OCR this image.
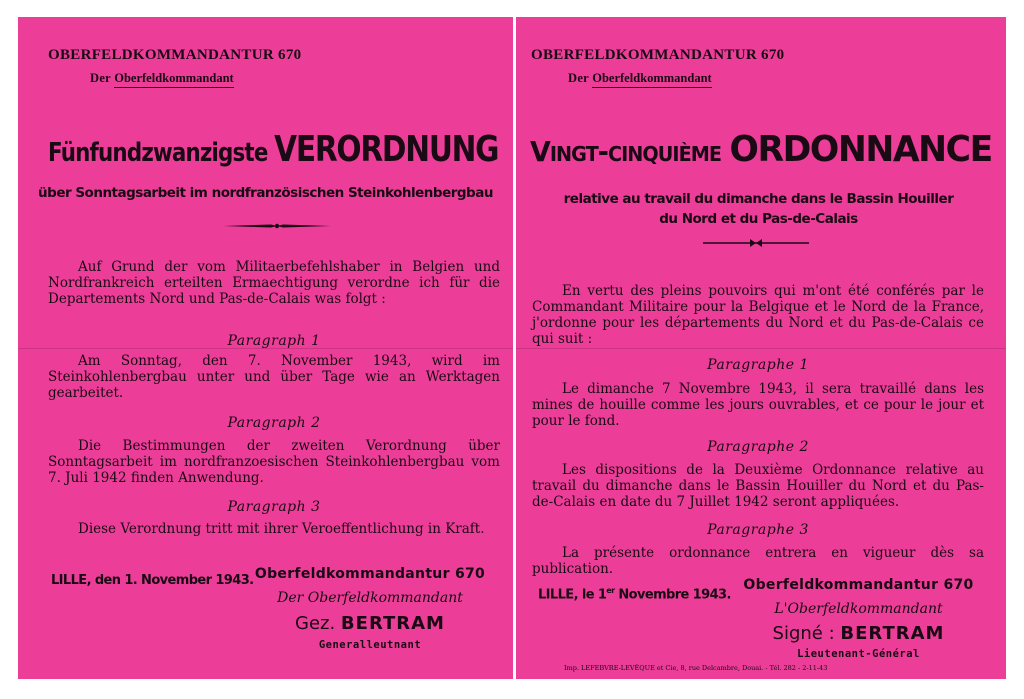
OBERFELDKOMMANDANTUR 670
Der Oberfeldkommandant
Fünfundzwanzigste VERORDNUNG
über Sonntagsarbeit im nordfranzösischen Steinkohlenbergbau
Auf Grund der vom Militaerbefehlshaber in Belgien und Nordfrankreich erteilten Ermaechtigung verordne ich für die Departements Nord und Pas-de-Calais was folgt :
Paragraph 1
Am Sonntag, den 7. November 1943, wird im Steinkohlenbergbau unter und über Tage wie an Werktagen gearbeitet.
Paragraph 2
Die Bestimmungen der zweiten Verordnung über Sonntagsarbeit im nordfranzoesischen Steinkohlenbergbau vom 7. Juli 1942 finden Anwendung.
Paragraph 3
Diese Verordnung tritt mit ihrer Veroeffentlichung in Kraft.
LILLE, den 1. November 1943. Oberfeldkommandantur 670
Der Oberfeldkommandant
Gez. BERTRAM
Generalleutnant
OBERFELDKOMMANDANTUR 670
Der Oberfeldkommandant
Vingt-cinquième ORDONNANCE
relative au travail du dimanche dans le Bassin Houiller
du Nord et du Pas-de-Calais
En vertu des pleins pouvoirs qui m'ont été conférés par le Commandant Militaire pour la Belgique et le Nord de la France, j'ordonne pour les départements du Nord et du Pas-de-Calais ce qui suit :
Paragraphe 1
Le dimanche 7 Novembre 1943, il sera travaillé dans les mines de houille comme les jours ouvrables, et ce pour le jour et pour le fond.
Paragraphe 2
Les dispositions de la Deuxième Ordonnance relative au travail du dimanche dans le Bassin Houiller du Nord et du Pas-de-Calais en date du 7 Juillet 1942 seront appliquées.
Paragraphe 3
La présente ordonnance entrera en vigueur dès sa publication.
LILLE, le 1er Novembre 1943.
Oberfeldkommandantur 670
L'Oberfeldkommandant
Signé : BERTRAM
Lieutenant-Général
Imp. LEFEBVRE-LEVÊQUE et Cie, 8, rue Delcambre, Douai. - Tél. 282 - 2-11-43
